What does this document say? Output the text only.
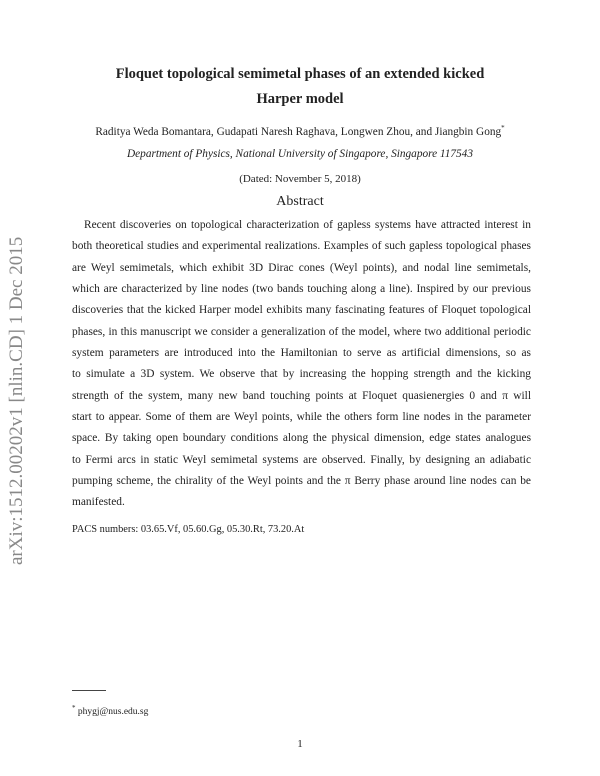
arXiv:1512.00202v1 [nlin.CD] 1 Dec 2015
Floquet topological semimetal phases of an extended kicked
Harper model
Raditya Weda Bomantara, Gudapati Naresh Raghava, Longwen Zhou, and Jiangbin Gong*
Department of Physics, National University of Singapore, Singapore 117543
(Dated: November 5, 2018)
Abstract
Recent discoveries on topological characterization of gapless systems have attracted interest in
both theoretical studies and experimental realizations. Examples of such gapless topological phases
are Weyl semimetals, which exhibit 3D Dirac cones (Weyl points), and nodal line semimetals,
which are characterized by line nodes (two bands touching along a line). Inspired by our previous
discoveries that the kicked Harper model exhibits many fascinating features of Floquet topological
phases, in this manuscript we consider a generalization of the model, where two additional periodic
system parameters are introduced into the Hamiltonian to serve as artificial dimensions, so as
to simulate a 3D system. We observe that by increasing the hopping strength and the kicking
strength of the system, many new band touching points at Floquet quasienergies 0 and π will
start to appear. Some of them are Weyl points, while the others form line nodes in the parameter
space. By taking open boundary conditions along the physical dimension, edge states analogues
to Fermi arcs in static Weyl semimetal systems are observed. Finally, by designing an adiabatic
pumping scheme, the chirality of the Weyl points and the π Berry phase around line nodes can be
manifested.
PACS numbers: 03.65.Vf, 05.60.Gg, 05.30.Rt, 73.20.At
* phygj@nus.edu.sg
1
